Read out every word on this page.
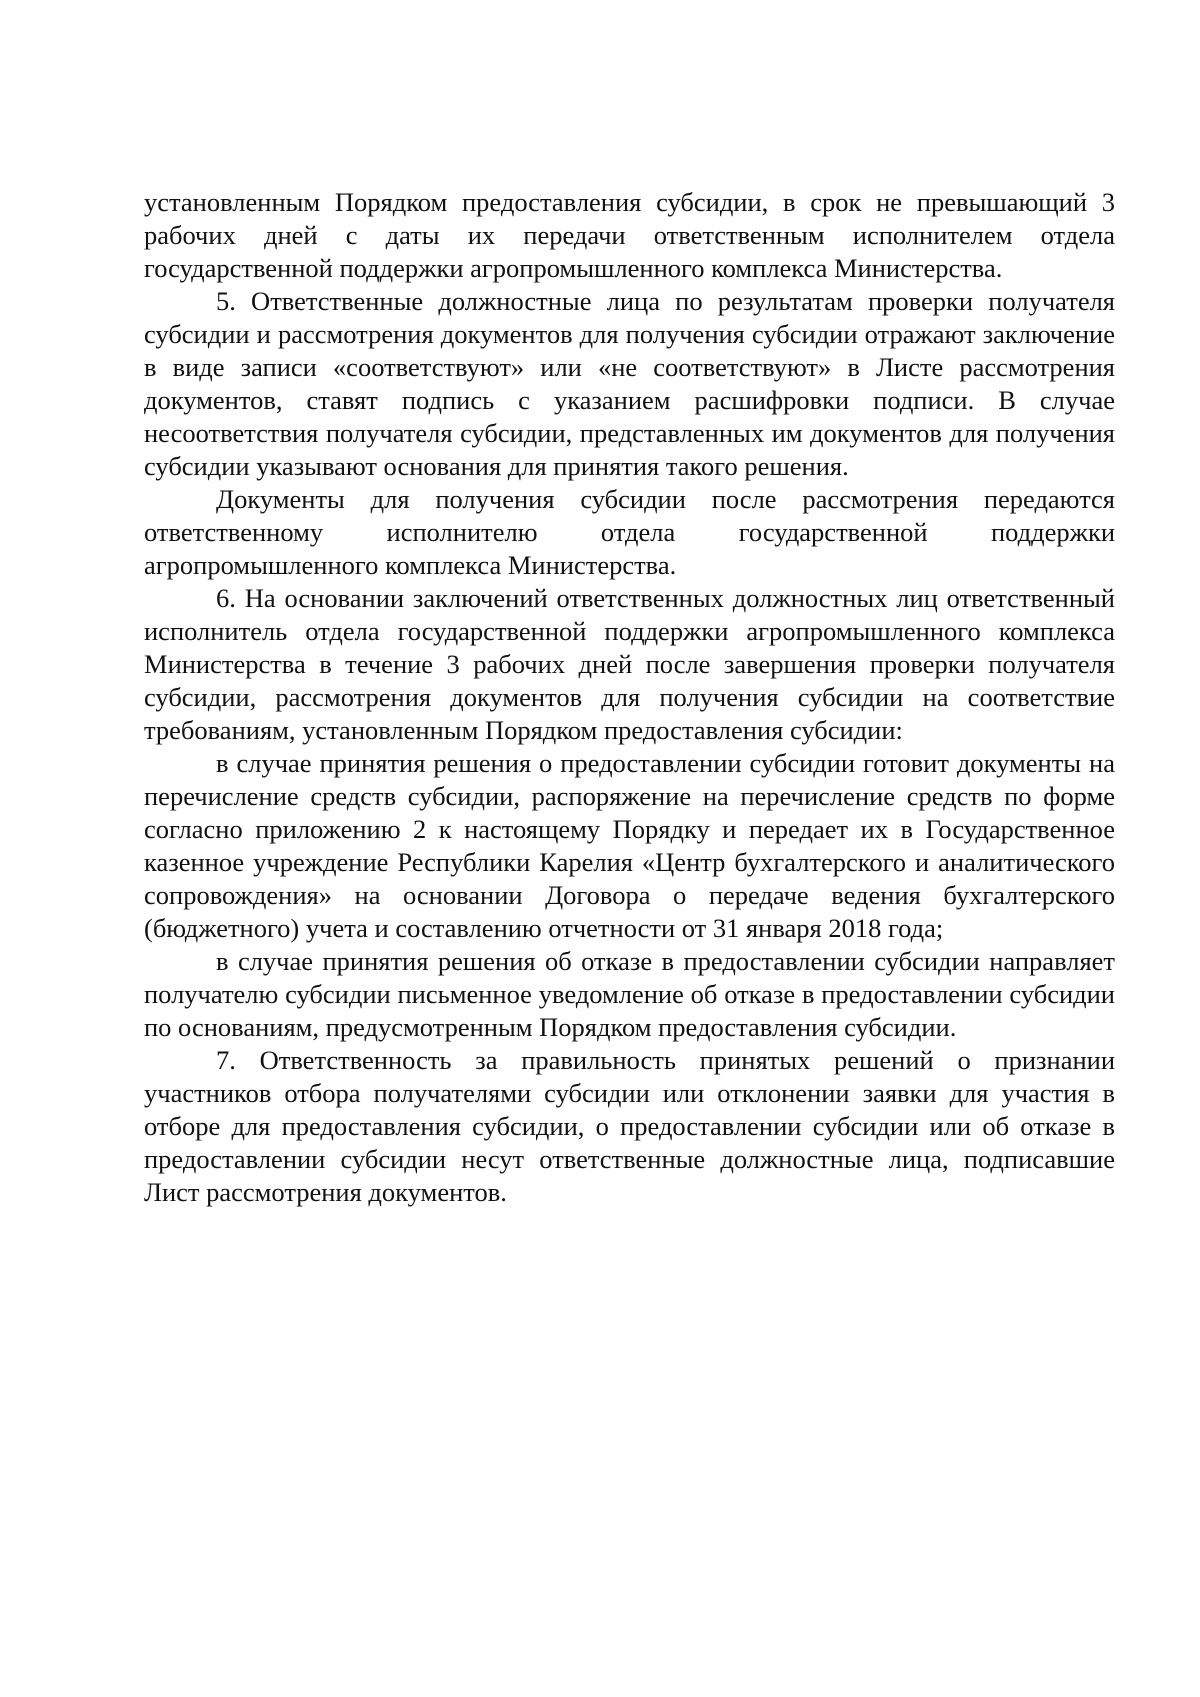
установленным Порядком предоставления субсидии, в срок не превышающий 3 рабочих дней с даты их передачи ответственным исполнителем отдела государственной поддержки агропромышленного комплекса Министерства.

5. Ответственные должностные лица по результатам проверки получателя субсидии и рассмотрения документов для получения субсидии отражают заключение в виде записи «соответствуют» или «не соответствуют» в Листе рассмотрения документов, ставят подпись с указанием расшифровки подписи. В случае несоответствия получателя субсидии, представленных им документов для получения субсидии указывают основания для принятия такого решения.

Документы для получения субсидии после рассмотрения передаются ответственному исполнителю отдела государственной поддержки агропромышленного комплекса Министерства.

6. На основании заключений ответственных должностных лиц ответственный исполнитель отдела государственной поддержки агропромышленного комплекса Министерства в течение 3 рабочих дней после завершения проверки получателя субсидии, рассмотрения документов для получения субсидии на соответствие требованиям, установленным Порядком предоставления субсидии:

в случае принятия решения о предоставлении субсидии готовит документы на перечисление средств субсидии, распоряжение на перечисление средств по форме согласно приложению 2 к настоящему Порядку и передает их в Государственное казенное учреждение Республики Карелия «Центр бухгалтерского и аналитического сопровождения» на основании Договора о передаче ведения бухгалтерского (бюджетного) учета и составлению отчетности от 31 января 2018 года;

в случае принятия решения об отказе в предоставлении субсидии направляет получателю субсидии письменное уведомление об отказе в предоставлении субсидии по основаниям, предусмотренным Порядком предоставления субсидии.

7. Ответственность за правильность принятых решений о признании участников отбора получателями субсидии или отклонении заявки для участия в отборе для предоставления субсидии, о предоставлении субсидии или об отказе в предоставлении субсидии несут ответственные должностные лица, подписавшие Лист рассмотрения документов.
